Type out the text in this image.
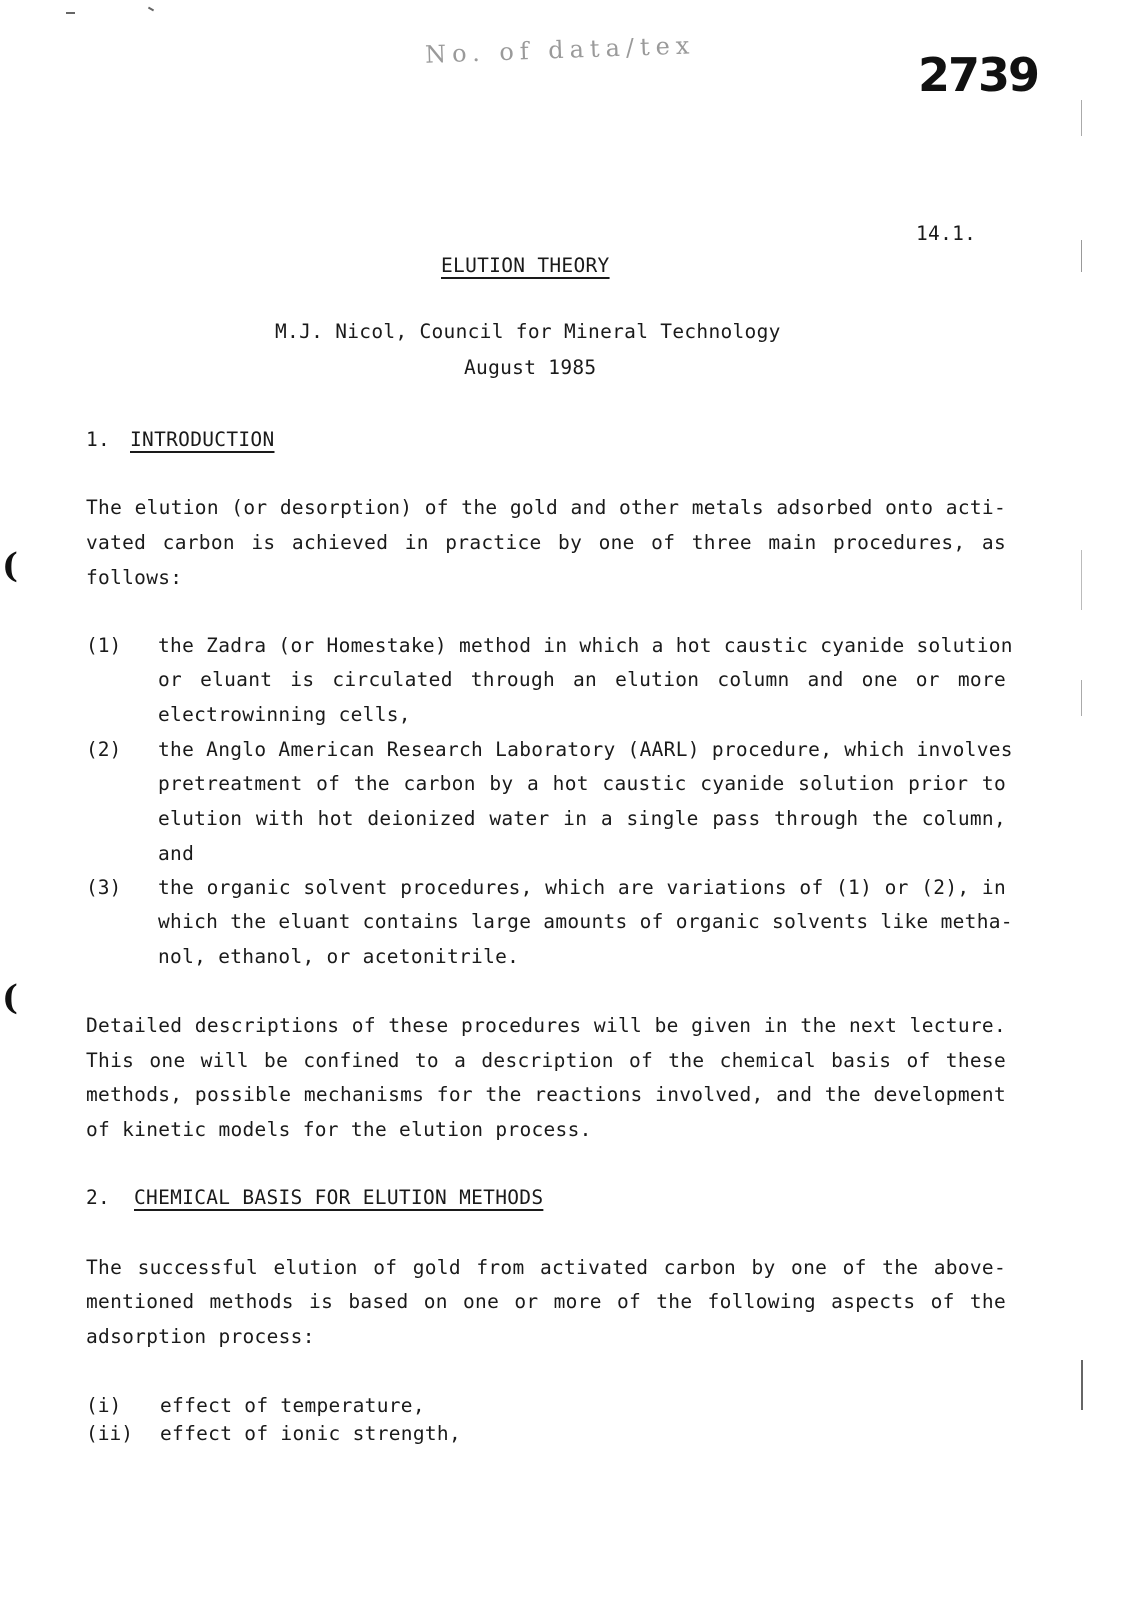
No. of data/tex	2739
(
(
14.1.
ELUTION THEORY
M.J. Nicol, Council for Mineral Technology
August 1985
1. INTRODUCTION
The elution (or desorption) of the gold and other metals adsorbed onto acti-
vated carbon is achieved in practice by one of three main procedures, as
follows:
(1) the Zadra (or Homestake) method in which a hot caustic cyanide solution
or eluant is circulated through an elution column and one or more
electrowinning cells,
(2) the Anglo American Research Laboratory (AARL) procedure, which involves
pretreatment of the carbon by a hot caustic cyanide solution prior to
elution with hot deionized water in a single pass through the column,
and
(3) the organic solvent procedures, which are variations of (1) or (2), in
which the eluant contains large amounts of organic solvents like metha-
nol, ethanol, or acetonitrile.
Detailed descriptions of these procedures will be given in the next lecture.
This one will be confined to a description of the chemical basis of these
methods, possible mechanisms for the reactions involved, and the development
of kinetic models for the elution process.
2. CHEMICAL BASIS FOR ELUTION METHODS
The successful elution of gold from activated carbon by one of the above-
mentioned methods is based on one or more of the following aspects of the
adsorption process:
(i) effect of temperature,
(ii) effect of ionic strength,
